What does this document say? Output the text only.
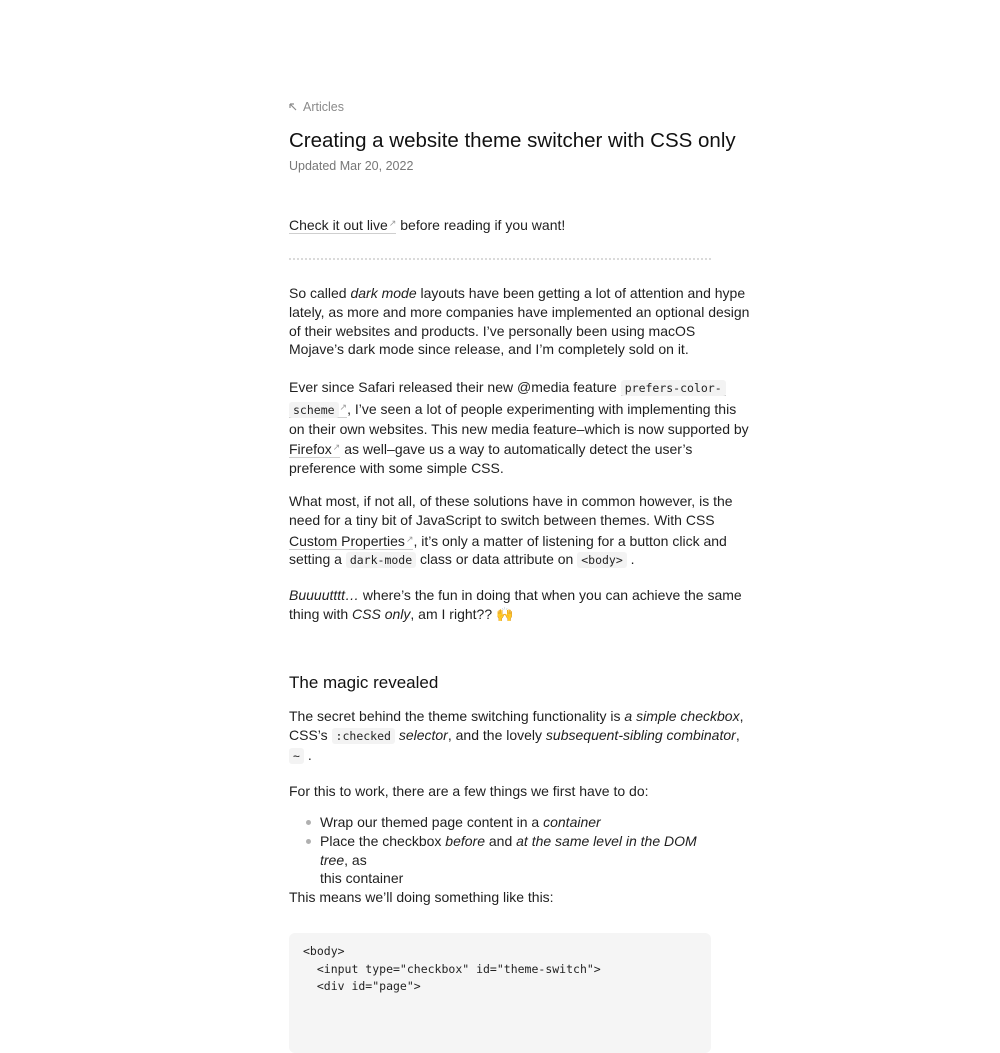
Articles
Creating a website theme switcher with CSS only
Updated Mar 20, 2022

Check it out live↗ before reading if you want!

So called dark mode layouts have been getting a lot of attention and hype
lately, as more and more companies have implemented an optional design
of their websites and products. I’ve personally been using macOS
Mojave’s dark mode since release, and I’m completely sold on it.

Ever since Safari released their new @media feature prefers-color-
scheme ↗, I’ve seen a lot of people experimenting with implementing this
on their own websites. This new media feature–which is now supported by
Firefox↗ as well–gave us a way to automatically detect the user’s
preference with some simple CSS.

What most, if not all, of these solutions have in common however, is the
need for a tiny bit of JavaScript to switch between themes. With CSS
Custom Properties↗, it’s only a matter of listening for a button click and
setting a dark-mode class or data attribute on <body> .

Buuuutttt… where’s the fun in doing that when you can achieve the same
thing with CSS only, am I right?? 🙌

The magic revealed

The secret behind the theme switching functionality is a simple checkbox,
CSS’s :checked selector, and the lovely subsequent-sibling combinator,
~ .

For this to work, there are a few things we first have to do:

Wrap our themed page content in a container
Place the checkbox before and at the same level in the DOM tree, as
this container

This means we’ll doing something like this:

<body>
<input type="checkbox" id="theme-switch">
<div id="page">
